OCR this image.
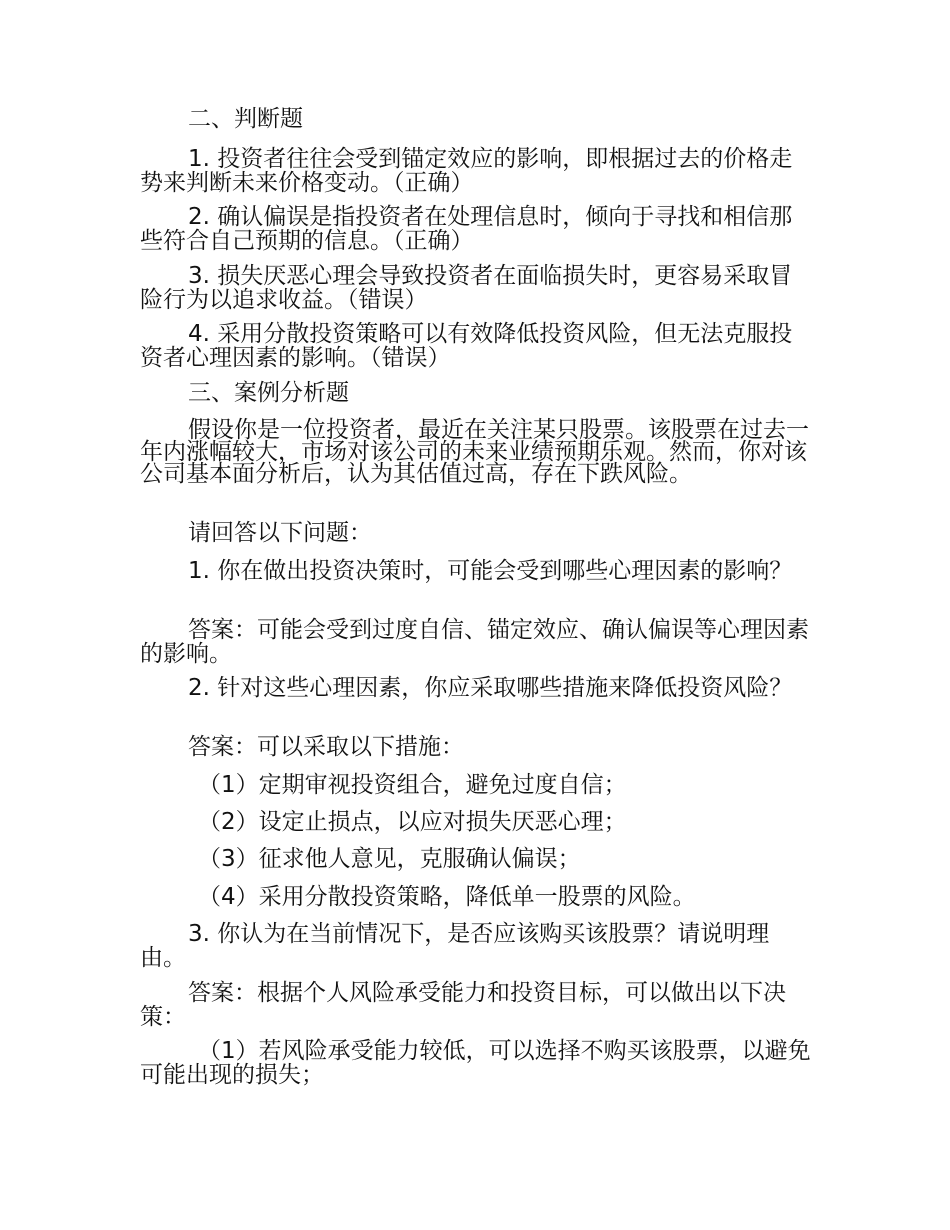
二、判断题

1. 投资者往往会受到锚定效应的影响，即根据过去的价格走势来判断未来价格变动。（正确）

2. 确认偏误是指投资者在处理信息时，倾向于寻找和相信那些符合自己预期的信息。（正确）

3. 损失厌恶心理会导致投资者在面临损失时，更容易采取冒险行为以追求收益。（错误）

4. 采用分散投资策略可以有效降低投资风险，但无法克服投资者心理因素的影响。（错误）

三、案例分析题

假设你是一位投资者，最近在关注某只股票。该股票在过去一年内涨幅较大，市场对该公司的未来业绩预期乐观。然而，你对该公司基本面分析后，认为其估值过高，存在下跌风险。

请回答以下问题：

1. 你在做出投资决策时，可能会受到哪些心理因素的影响？

答案：可能会受到过度自信、锚定效应、确认偏误等心理因素的影响。

2. 针对这些心理因素，你应采取哪些措施来降低投资风险？

答案：可以采取以下措施：

（1）定期审视投资组合，避免过度自信；

（2）设定止损点，以应对损失厌恶心理；

（3）征求他人意见，克服确认偏误；

（4）采用分散投资策略，降低单一股票的风险。

3. 你认为在当前情况下，是否应该购买该股票？请说明理由。

答案：根据个人风险承受能力和投资目标，可以做出以下决策：

（1）若风险承受能力较低，可以选择不购买该股票，以避免可能出现的损失；
